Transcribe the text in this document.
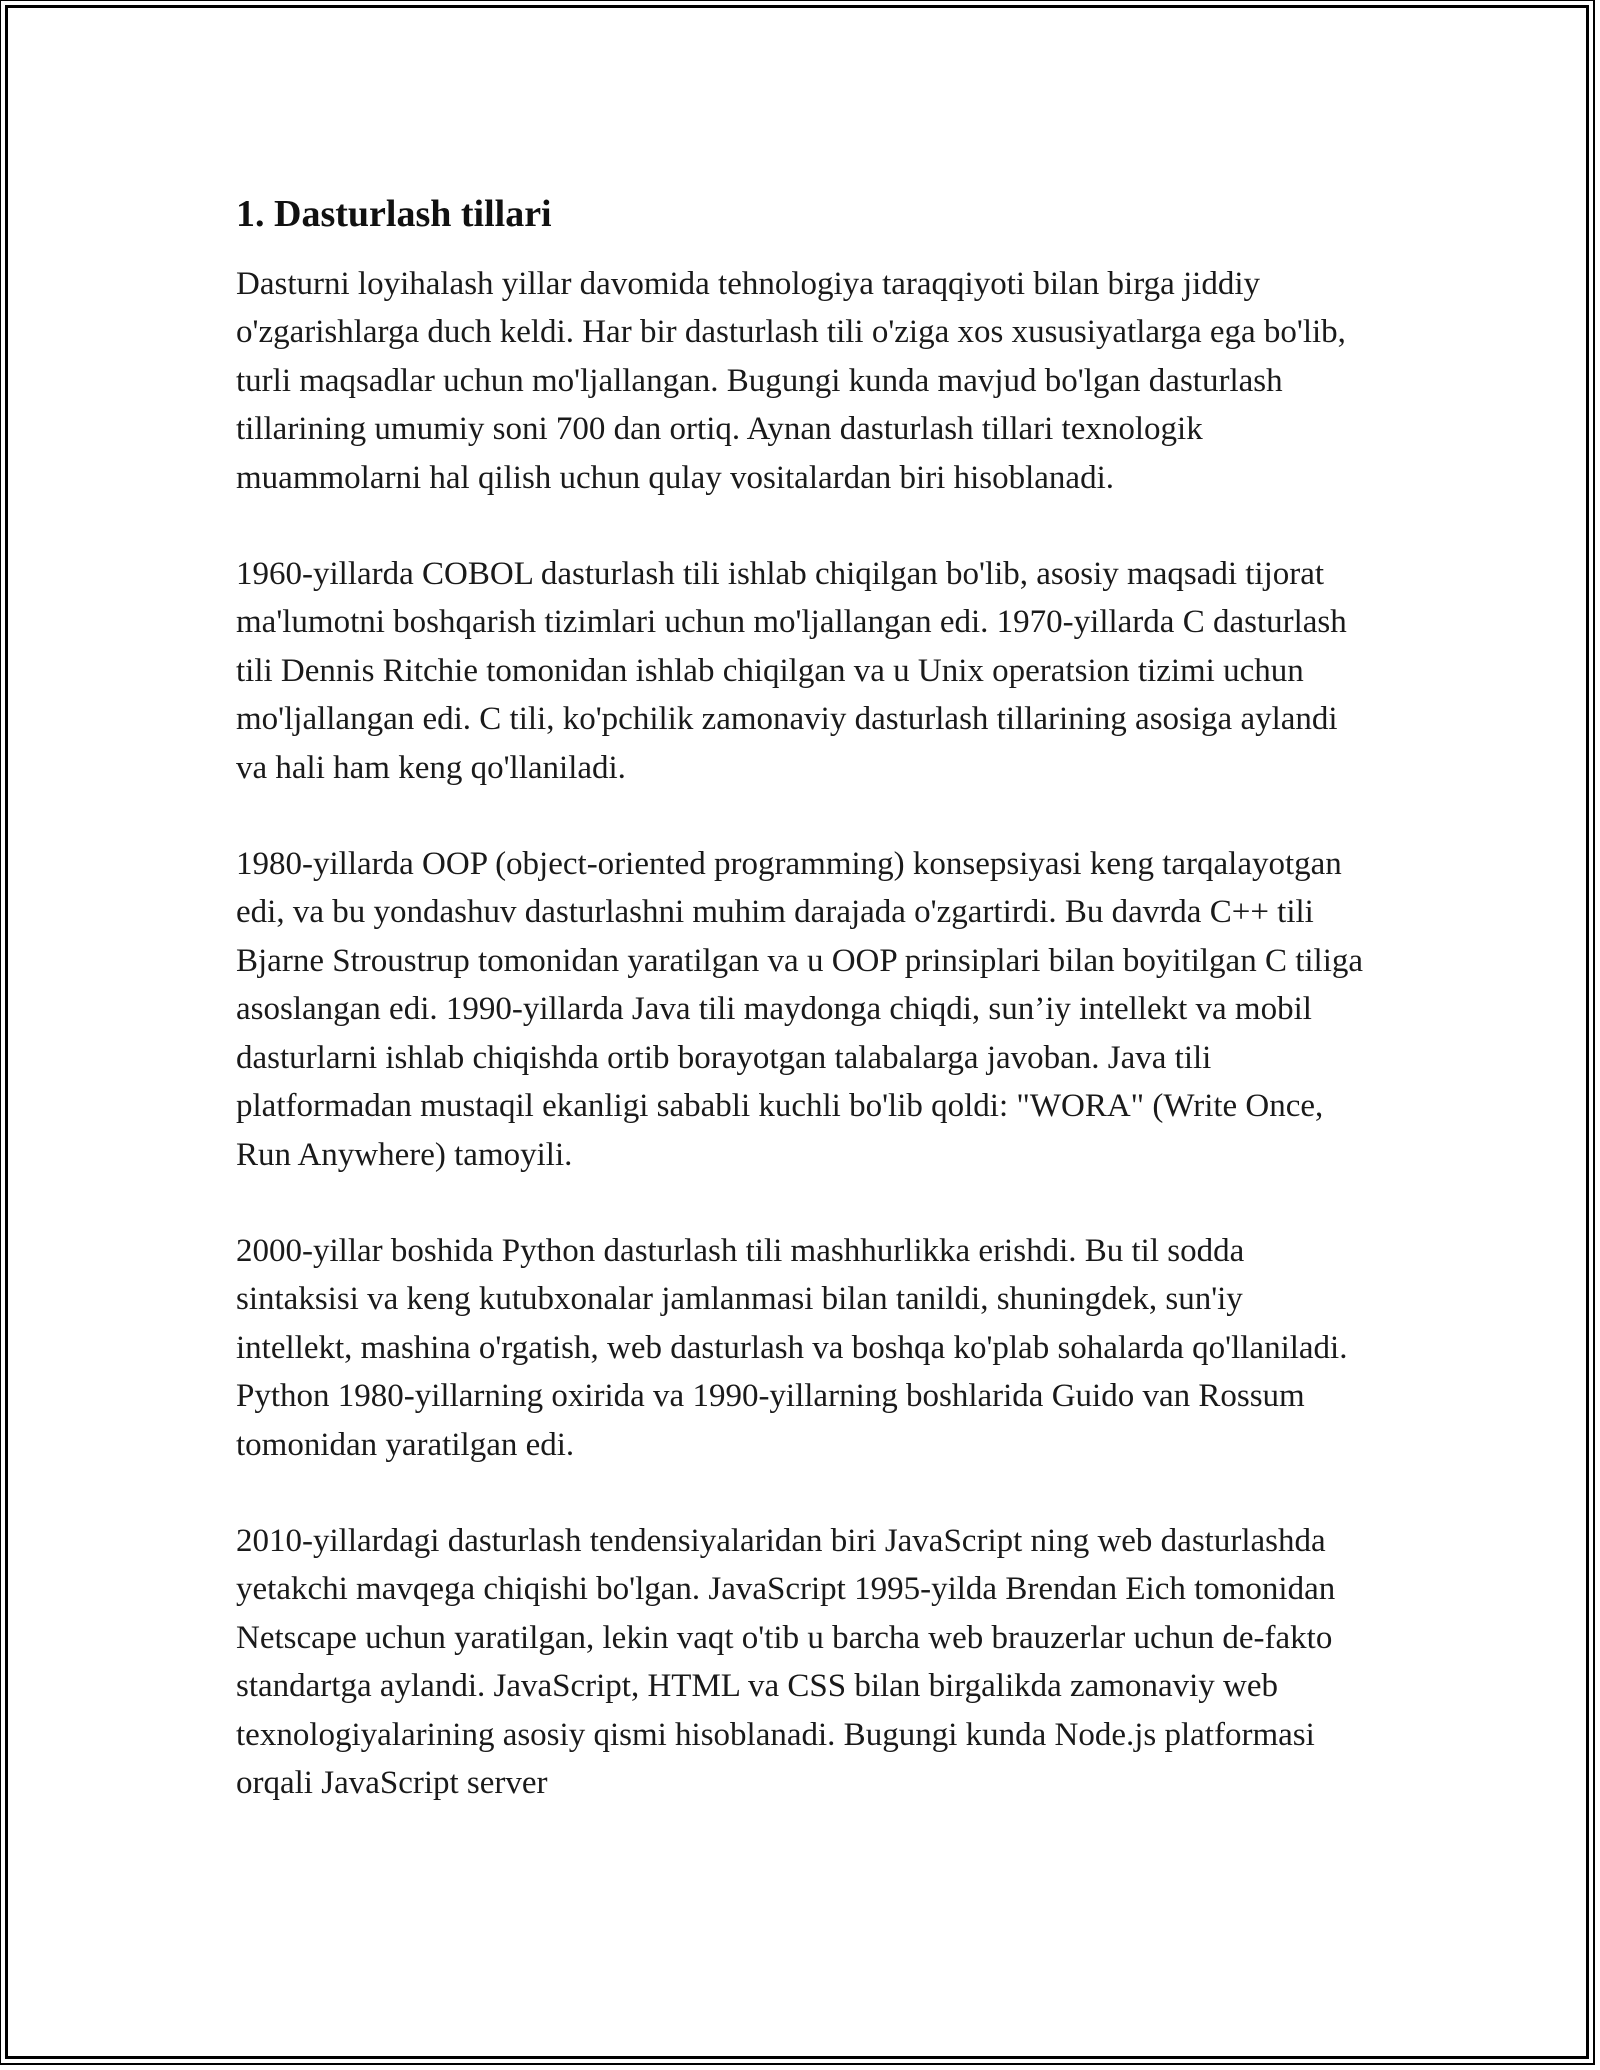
1. Dasturlash tillari

Dasturni loyihalash yillar davomida tehnologiya taraqqiyoti bilan birga jiddiy o'zgarishlarga duch keldi. Har bir dasturlash tili o'ziga xos xususiyatlarga ega bo'lib, turli maqsadlar uchun mo'ljallangan. Bugungi kunda mavjud bo'lgan dasturlash tillarining umumiy soni 700 dan ortiq. Aynan dasturlash tillari texnologik muammolarni hal qilish uchun qulay vositalardan biri hisoblanadi.

1960-yillarda COBOL dasturlash tili ishlab chiqilgan bo'lib, asosiy maqsadi tijorat ma'lumotni boshqarish tizimlari uchun mo'ljallangan edi. 1970-yillarda C dasturlash tili Dennis Ritchie tomonidan ishlab chiqilgan va u Unix operatsion tizimi uchun mo'ljallangan edi. C tili, ko'pchilik zamonaviy dasturlash tillarining asosiga aylandi va hali ham keng qo'llaniladi.

1980-yillarda OOP (object-oriented programming) konsepsiyasi keng tarqalayotgan edi, va bu yondashuv dasturlashni muhim darajada o'zgartirdi. Bu davrda C++ tili Bjarne Stroustrup tomonidan yaratilgan va u OOP prinsiplari bilan boyitilgan C tiliga asoslangan edi. 1990-yillarda Java tili maydonga chiqdi, sun’iy intellekt va mobil dasturlarni ishlab chiqishda ortib borayotgan talabalarga javoban. Java tili platformadan mustaqil ekanligi sababli kuchli bo'lib qoldi: "WORA" (Write Once, Run Anywhere) tamoyili.

2000-yillar boshida Python dasturlash tili mashhurlikka erishdi. Bu til sodda sintaksisi va keng kutubxonalar jamlanmasi bilan tanildi, shuningdek, sun'iy intellekt, mashina o'rgatish, web dasturlash va boshqa ko'plab sohalarda qo'llaniladi. Python 1980-yillarning oxirida va 1990-yillarning boshlarida Guido van Rossum tomonidan yaratilgan edi.

2010-yillardagi dasturlash tendensiyalaridan biri JavaScript ning web dasturlashda yetakchi mavqega chiqishi bo'lgan. JavaScript 1995-yilda Brendan Eich tomonidan Netscape uchun yaratilgan, lekin vaqt o'tib u barcha web brauzerlar uchun de-fakto standartga aylandi. JavaScript, HTML va CSS bilan birgalikda zamonaviy web texnologiyalarining asosiy qismi hisoblanadi. Bugungi kunda Node.js platformasi orqali JavaScript server
